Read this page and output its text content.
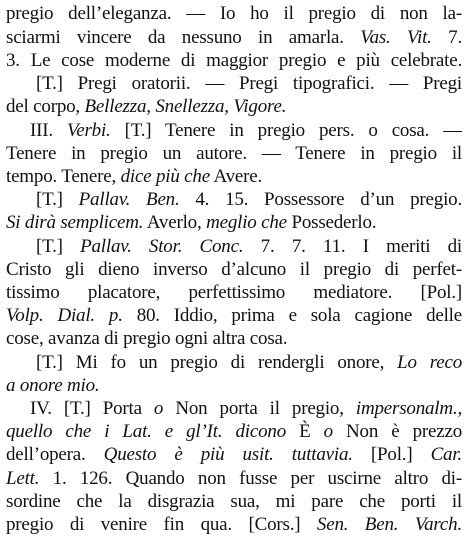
pregio dell’eleganza. — Io ho il pregio di non la-
sciarmi vincere da nessuno in amarla. Vas. Vit. 7.
3. Le cose moderne di maggior pregio e più celebrate.
[T.] Pregi oratorii. — Pregi tipografici. — Pregi
del corpo, Bellezza, Snellezza, Vigore.
III. Verbi. [T.] Tenere in pregio pers. o cosa. —
Tenere in pregio un autore. — Tenere in pregio il
tempo. Tenere, dice più che Avere.
[T.] Pallav. Ben. 4. 15. Possessore d’un pregio.
Si dirà semplicem. Averlo, meglio che Possederlo.
[T.] Pallav. Stor. Conc. 7. 7. 11. I meriti di
Cristo gli dieno inverso d’alcuno il pregio di perfet-
tissimo placatore, perfettissimo mediatore. [Pol.]
Volp. Dial. p. 80. Iddio, prima e sola cagione delle
cose, avanza di pregio ogni altra cosa.
[T.] Mi fo un pregio di rendergli onore, Lo reco
a onore mio.
IV. [T.] Porta o Non porta il pregio, impersonalm.,
quello che i Lat. e gl’It. dicono È o Non è prezzo
dell’opera. Questo è più usit. tuttavia. [Pol.] Car.
Lett. 1. 126. Quando non fusse per uscirne altro di-
sordine che la disgrazia sua, mi pare che porti il
pregio di venire fin qua. [Cors.] Sen. Ben. Varch.
